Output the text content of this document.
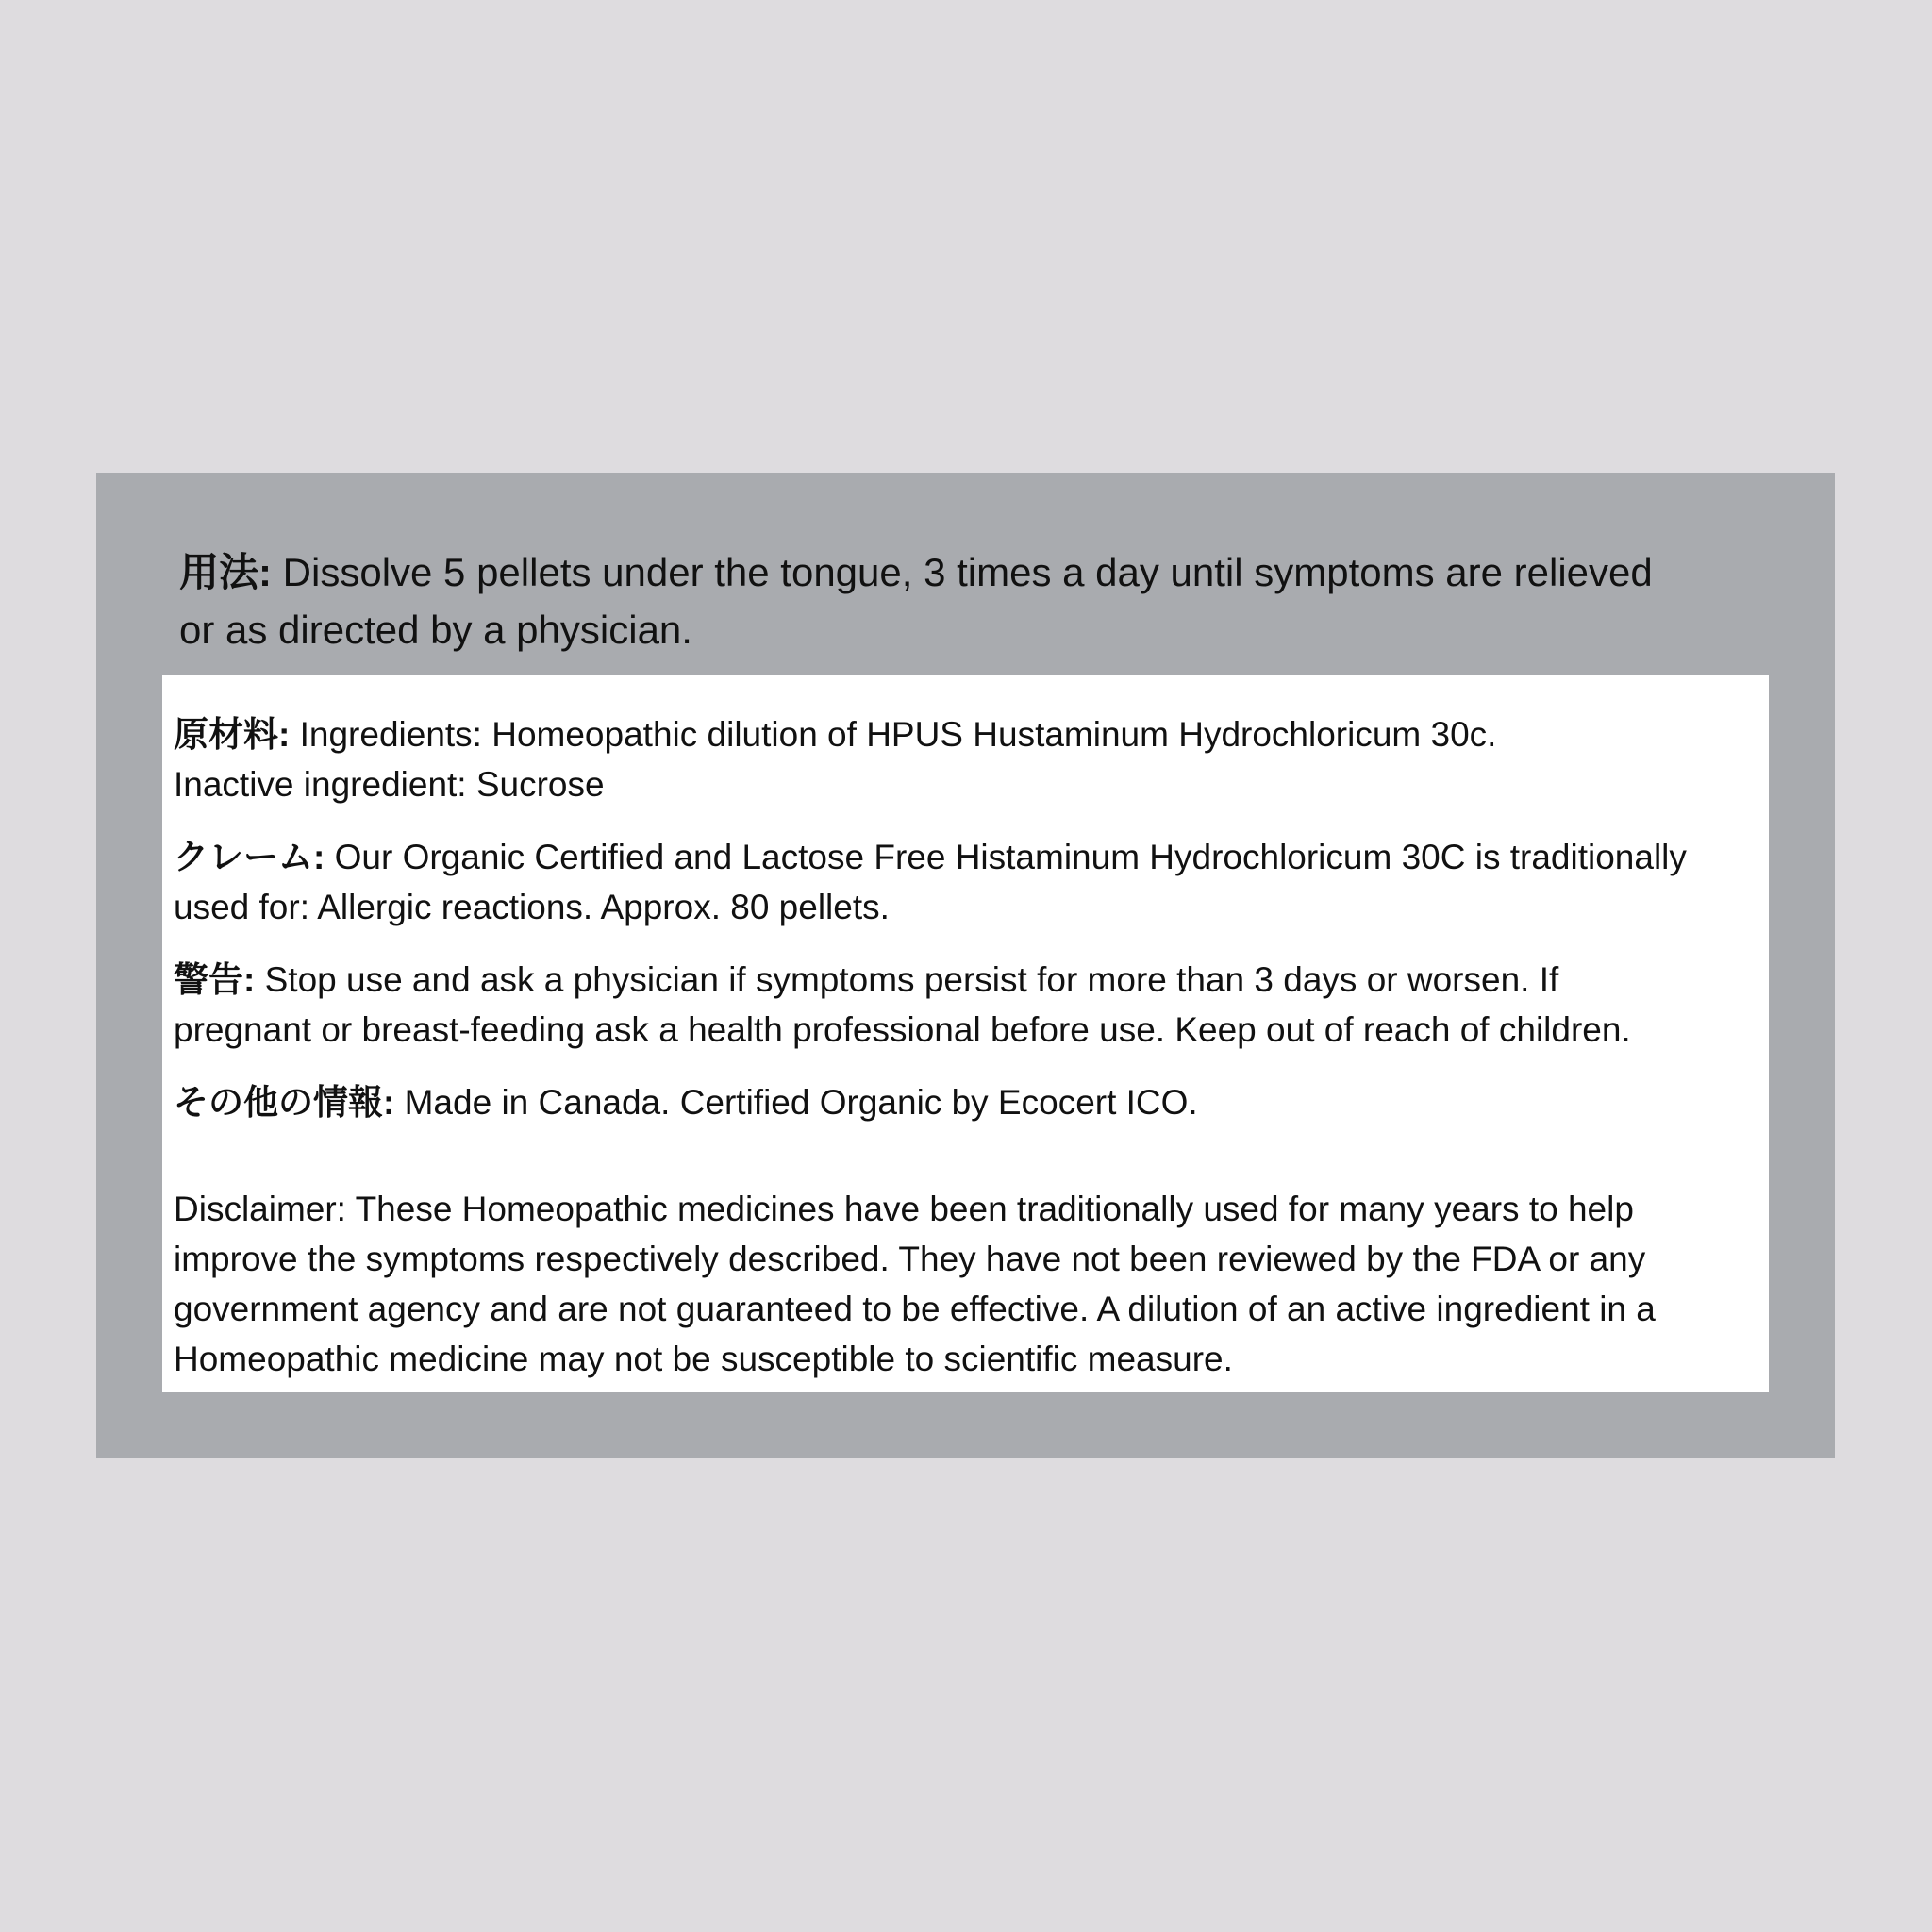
用法: Dissolve 5 pellets under the tongue, 3 times a day until symptoms are relieved
or as directed by a physician.
原材料: Ingredients: Homeopathic dilution of HPUS Hustaminum Hydrochloricum 30c.
Inactive ingredient: Sucrose
クレーム: Our Organic Certified and Lactose Free Histaminum Hydrochloricum 30C is traditionally
used for: Allergic reactions. Approx. 80 pellets.
警告: Stop use and ask a physician if symptoms persist for more than 3 days or worsen. If
pregnant or breast-feeding ask a health professional before use. Keep out of reach of children.
その他の情報: Made in Canada. Certified Organic by Ecocert ICO.
Disclaimer: These Homeopathic medicines have been traditionally used for many years to help
improve the symptoms respectively described. They have not been reviewed by the FDA or any
government agency and are not guaranteed to be effective. A dilution of an active ingredient in a
Homeopathic medicine may not be susceptible to scientific measure.
